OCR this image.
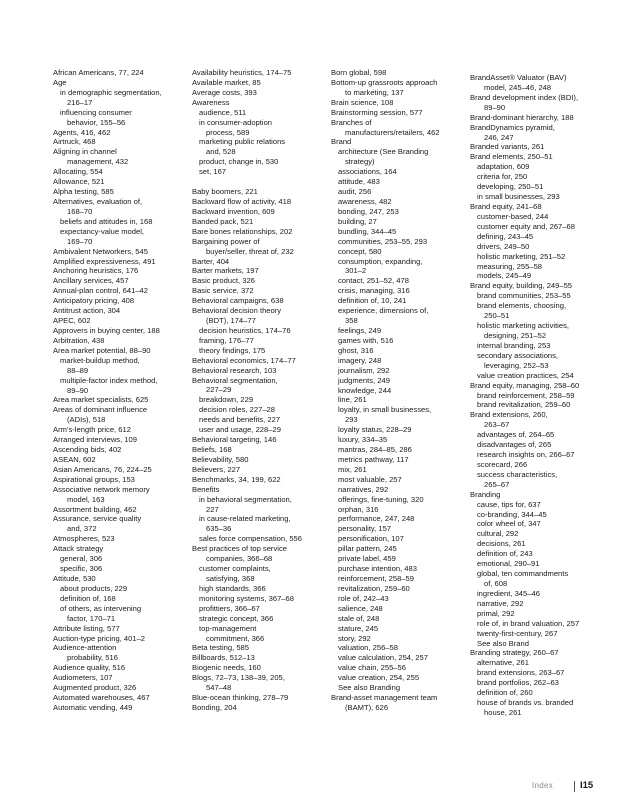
African Americans, 77, 224
Age
in demographic segmentation,
216–17
influencing consumer
behavior, 155–56
Agents, 416, 462
Airtruck, 468
Aligning in channel
management, 432
Allocating, 554
Allowance, 521
Alpha testing, 585
Alternatives, evaluation of,
168–70
beliefs and attitudes in, 168
expectancy-value model,
169–70
Ambivalent Networkers, 545
Amplified expressiveness, 491
Anchoring heuristics, 176
Ancillary services, 457
Annual-plan control, 641–42
Anticipatory pricing, 408
Antitrust action, 304
APEC, 602
Approvers in buying center, 188
Arbitration, 438
Area market potential, 88–90
market-buildup method,
88–89
multiple-factor index method,
89–90
Area market specialists, 625
Areas of dominant influence
(ADIs), 518
Arm’s-length price, 612
Arranged interviews, 109
Ascending bids, 402
ASEAN, 602
Asian Americans, 76, 224–25
Aspirational groups, 153
Associative network memory
model, 163
Assortment building, 462
Assurance, service quality
and, 372
Atmospheres, 523
Attack strategy
general, 306
specific, 306
Attitude, 530
about products, 229
definition of, 168
of others, as intervening
factor, 170–71
Attribute listing, 577
Auction-type pricing, 401–2
Audience-attention
probability, 516
Audience quality, 516
Audiometers, 107
Augmented product, 326
Automated warehouses, 467
Automatic vending, 449
Availability heuristics, 174–75
Available market, 85
Average costs, 393
Awareness
audience, 511
in consumer-adoption
process, 589
marketing public relations
and, 528
product, change in, 530
set, 167
Baby boomers, 221
Backward flow of activity, 418
Backward invention, 609
Banded pack, 521
Bare bones relationships, 202
Bargaining power of
buyer/seller, threat of, 232
Barter, 404
Barter markets, 197
Basic product, 326
Basic service, 372
Behavioral campaigns, 638
Behavioral decision theory
(BDT), 174–77
decision heuristics, 174–76
framing, 176–77
theory findings, 175
Behavioral economics, 174–77
Behavioral research, 103
Behavioral segmentation,
227–29
breakdown, 229
decision roles, 227–28
needs and benefits, 227
user and usage, 228–29
Behavioral targeting, 146
Beliefs, 168
Believability, 580
Believers, 227
Benchmarks, 34, 199, 622
Benefits
in behavioral segmentation,
227
in cause-related marketing,
635–36
sales force compensation, 556
Best practices of top service
companies, 366–68
customer complaints,
satisfying, 368
high standards, 366
monitoring systems, 367–68
profittiers, 366–67
strategic concept, 366
top-management
commitment, 366
Beta testing, 585
Billboards, 512–13
Biogenic needs, 160
Blogs, 72–73, 138–39, 205,
547–48
Blue-ocean thinking, 278–79
Bonding, 204
Born global, 598
Bottom-up grassroots approach
to marketing, 137
Brain science, 108
Brainstorming session, 577
Branches of
manufacturers/retailers, 462
Brand
architecture (See Branding
strategy)
associations, 164
attitude, 483
audit, 256
awareness, 482
bonding, 247, 253
building, 27
bundling, 344–45
communities, 253–55, 293
concept, 580
consumption, expanding,
301–2
contact, 251–52, 478
crisis, managing, 316
definition of, 10, 241
experience, dimensions of,
358
feelings, 249
games with, 516
ghost, 316
imagery, 248
journalism, 292
judgments, 249
knowledge, 244
line, 261
loyalty, in small businesses,
293
loyalty status, 228–29
luxury, 334–35
mantras, 284–85, 286
metrics pathway, 117
mix, 261
most valuable, 257
narratives, 292
offerings, fine-tuning, 320
orphan, 316
performance, 247, 248
personality, 157
personification, 107
pillar pattern, 245
private label, 459
purchase intention, 483
reinforcement, 258–59
revitalization, 259–60
role of, 242–43
salience, 248
stale of, 248
stature, 245
story, 292
valuation, 256–58
value calculation, 254, 257
value chain, 255–56
value creation, 254, 255
See also Branding
Brand-asset management team
(BAMT), 626
BrandAsset® Valuator (BAV)
model, 245–46, 248
Brand development index (BDI),
89–90
Brand-dominant hierarchy, 188
BrandDynamics pyramid,
246, 247
Branded variants, 261
Brand elements, 250–51
adaptation, 609
criteria for, 250
developing, 250–51
in small businesses, 293
Brand equity, 241–68
customer-based, 244
customer equity and, 267–68
defining, 243–45
drivers, 249–50
holistic marketing, 251–52
measuring, 255–58
models, 245–49
Brand equity, building, 249–55
brand communities, 253–55
brand elements, choosing,
250–51
holistic marketing activities,
designing, 251–52
internal branding, 253
secondary associations,
leveraging, 252–53
value creation practices, 254
Brand equity, managing, 258–60
brand reinforcement, 258–59
brand revitalization, 259–60
Brand extensions, 260,
263–67
advantages of, 264–65
disadvantages of, 265
research insights on, 266–67
scorecard, 266
success characteristics,
265–67
Branding
cause, tips for, 637
co-branding, 344–45
color wheel of, 347
cultural, 292
decisions, 261
definition of, 243
emotional, 290–91
global, ten commandments
of, 608
ingredient, 345–46
narrative, 292
primal, 292
role of, in brand valuation, 257
twenty-first-century, 267
See also Brand
Branding strategy, 260–67
alternative, 261
brand extensions, 263–67
brand portfolios, 262–63
definition of, 260
house of brands vs. branded
house, 261
Index	I15
